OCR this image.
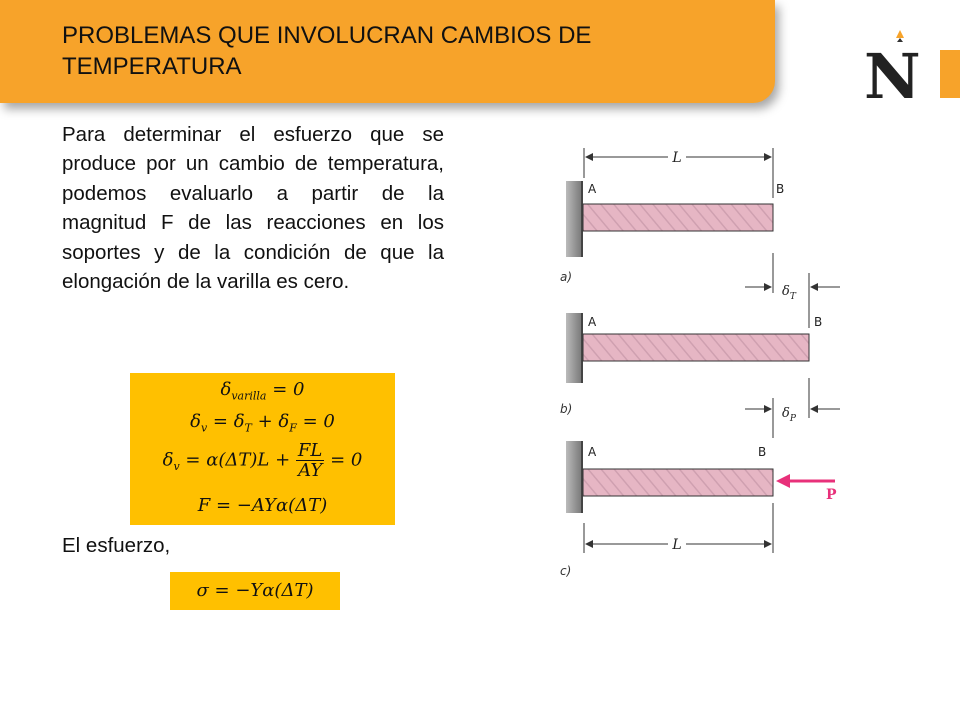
PROBLEMAS QUE INVOLUCRAN CAMBIOS DE TEMPERATURA	N

Para determinar el esfuerzo que se produce por un cambio de temperatura, podemos evaluarlo a partir de la magnitud F de las reacciones en los soportes y de la condición de que la elongación de la varilla es cero.

$\delta_{varilla} = 0$
$\delta_v = \delta_T + \delta_F = 0$
$\delta_v = \alpha(\Delta T)L + \frac{FL}{AY} = 0$
F = −AYα(ΔT)

El esfuerzo,

σ = −Yα(ΔT)
L
A	B
a)
$\delta_T$
A	B
b)	$\delta_P$
A	B
P
L
c)
